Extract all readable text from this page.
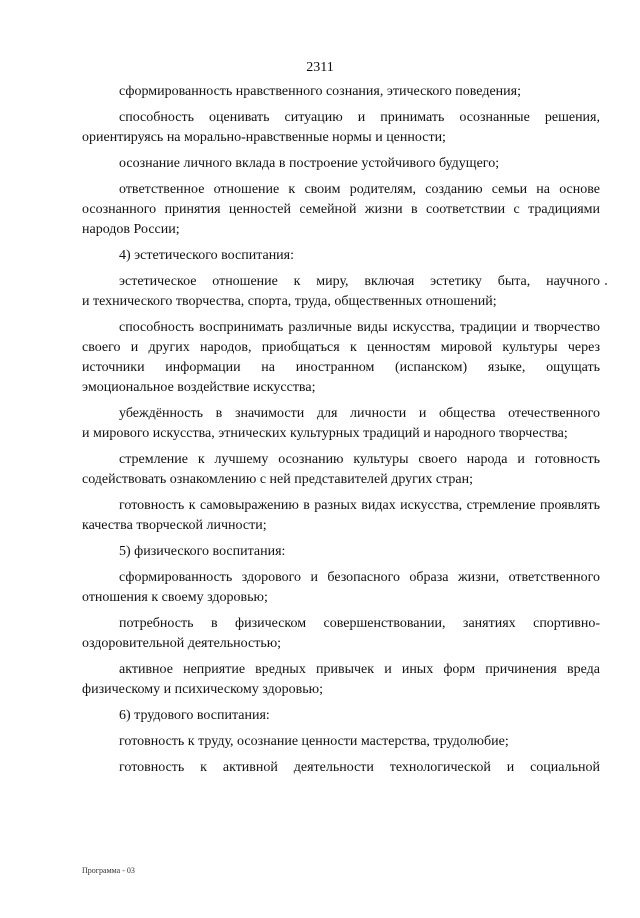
2311
сформированность нравственного сознания, этического поведения;
способность оценивать ситуацию и принимать осознанные решения,
ориентируясь на морально-нравственные нормы и ценности;
осознание личного вклада в построение устойчивого будущего;
ответственное отношение к своим родителям, созданию семьи на основе
осознанного принятия ценностей семейной жизни в соответствии с традициями
народов России;
4) эстетического воспитания:
эстетическое отношение к миру, включая эстетику быта, научного
и технического творчества, спорта, труда, общественных отношений;
способность воспринимать различные виды искусства, традиции и творчество
своего и других народов, приобщаться к ценностям мировой культуры через
источники информации на иностранном (испанском) языке, ощущать
эмоциональное воздействие искусства;
убеждённость в значимости для личности и общества отечественного
и мирового искусства, этнических культурных традиций и народного творчества;
стремление к лучшему осознанию культуры своего народа и готовность
содействовать ознакомлению с ней представителей других стран;
готовность к самовыражению в разных видах искусства, стремление проявлять
качества творческой личности;
5) физического воспитания:
сформированность здорового и безопасного образа жизни, ответственного
отношения к своему здоровью;
потребность в физическом совершенствовании, занятиях спортивно-
оздоровительной деятельностью;
активное неприятие вредных привычек и иных форм причинения вреда
физическому и психическому здоровью;
6) трудового воспитания:
готовность к труду, осознание ценности мастерства, трудолюбие;
готовность к активной деятельности технологической и социальной
Программа - 03
